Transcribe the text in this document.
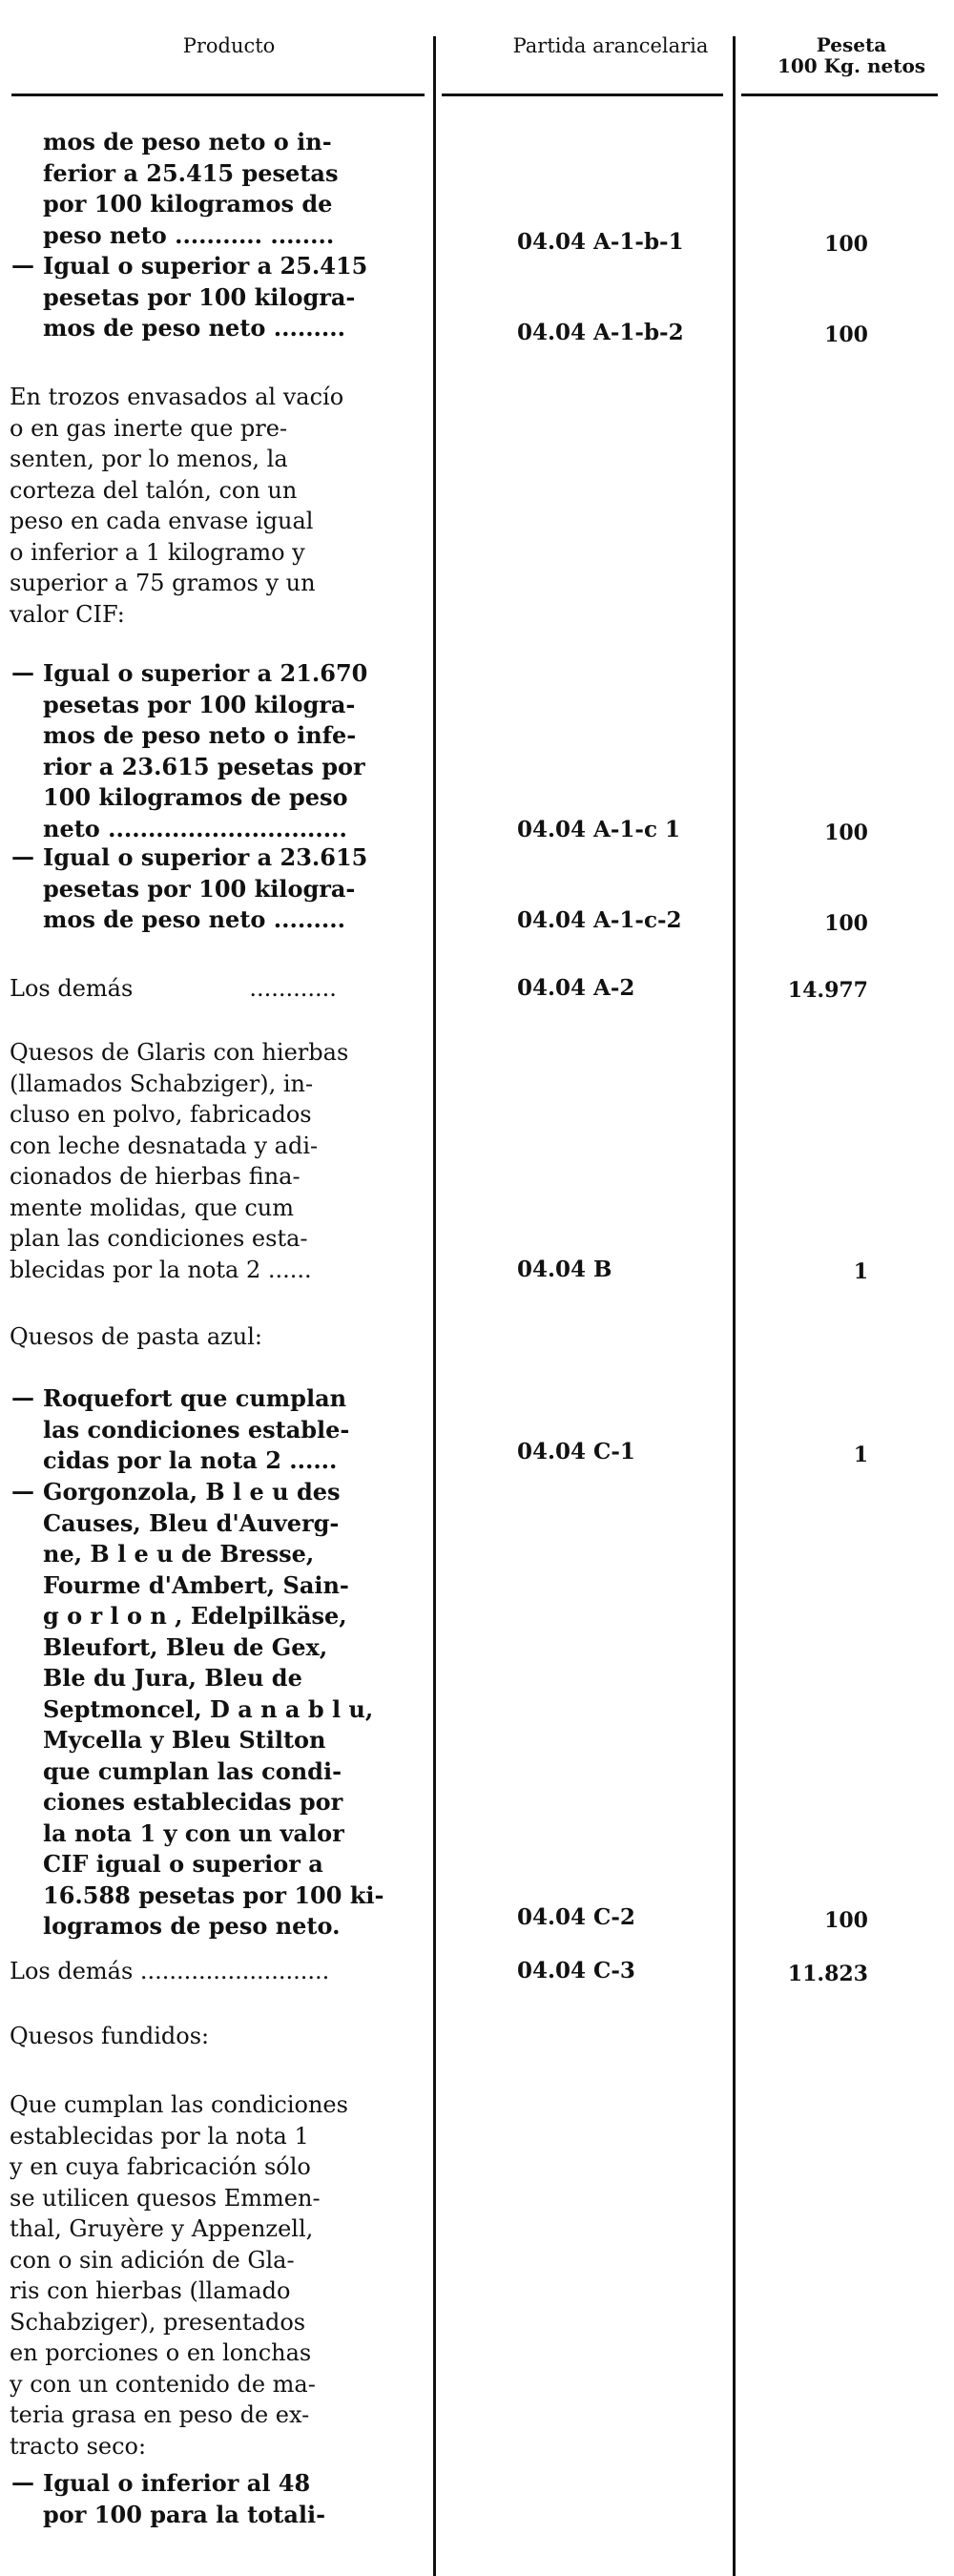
Producto	Partida arancelaria	Peseta
100 Kg. netos

mos de peso neto o in-
ferior a 25.415 pesetas
por 100 kilogramos de
peso neto ........... ........	04.04 A-1-b-1	100
— Igual o superior a 25.415
pesetas por 100 kilogra-
mos de peso neto .........	04.04 A-1-b-2	100

En trozos envasados al vacío
o en gas inerte que pre-
senten, por lo menos, la
corteza del talón, con un
peso en cada envase igual
o inferior a 1 kilogramo y
superior a 75 gramos y un
valor CIF:

— Igual o superior a 21.670
pesetas por 100 kilogra-
mos de peso neto o infe-
rior a 23.615 pesetas por
100 kilogramos de peso
neto ..............................	04.04 A-1-c 1	100
— Igual o superior a 23.615
pesetas por 100 kilogra-
mos de peso neto .........	04.04 A-1-c-2	100

Los demás                ............	04.04 A-2	14.977

Quesos de Glaris con hierbas
(llamados Schabziger), in-
cluso en polvo, fabricados
con leche desnatada y adi-
cionados de hierbas fina-
mente molidas, que cum
plan las condiciones esta-
blecidas por la nota 2 ......	04.04 B	1

Quesos de pasta azul:

— Roquefort que cumplan
las condiciones estable-
cidas por la nota 2 ......	04.04 C-1	1
— Gorgonzola, B l e u des
Causes, Bleu d'Auverg-
ne, B l e u de Bresse,
Fourme d'Ambert, Sain-
g o r l o n , Edelpilkäse,
Bleufort, Bleu de Gex,
Ble du Jura, Bleu de
Septmoncel, D a n a b l u,
Mycella y Bleu Stilton
que cumplan las condi-
ciones establecidas por
la nota 1 y con un valor
CIF igual o superior a
16.588 pesetas por 100 ki-
logramos de peso neto.	04.04 C-2	100

Los demás ..........................	04.04 C-3	11.823

Quesos fundidos:

Que cumplan las condiciones
establecidas por la nota 1
y en cuya fabricación sólo
se utilicen quesos Emmen-
thal, Gruyère y Appenzell,
con o sin adición de Gla-
ris con hierbas (llamado
Schabziger), presentados
en porciones o en lonchas
y con un contenido de ma-
teria grasa en peso de ex-
tracto seco:

— Igual o inferior al 48
por 100 para la totali-
